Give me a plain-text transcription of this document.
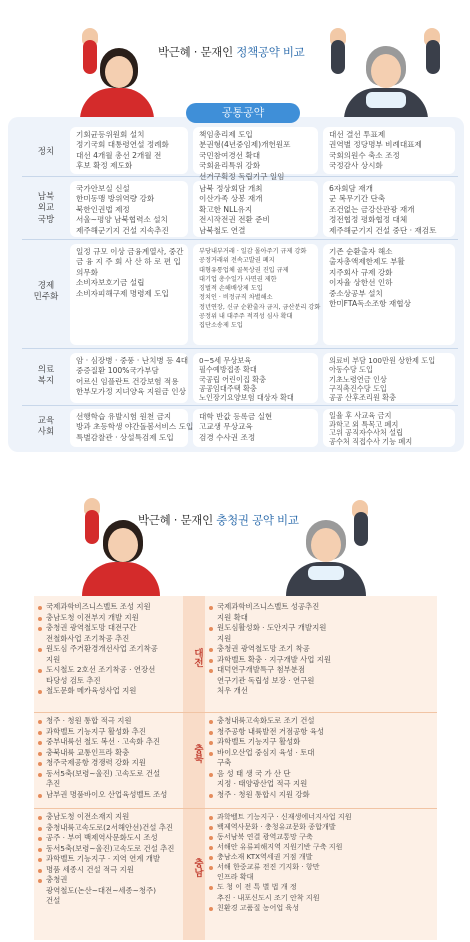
박근혜 · 문재인 정책공약 비교
공통공약
정치
기회균등위원회 설치
정기국회 대통령연설 정례화
대선 4개월 총선 2개월 전
후보 확정 제도화
책임총리제 도입
분권형(4년중임제)개헌원포
국민참여경선 확대
국회윤리특위 강화
선거구획정 독립기구 일임
대선 결선 투표제
권역별 정당명부 비례대표제
국회의원수 축소 조정
국정감사 상시화
남북
외교
국방
국가안보실 신설
한미동맹 방위역량 강화
북한인권법 제정
서울~평양 남북협력소 설치
제주해군기지 건설 지속추진
남북 정상회담 개최
이산가족 상봉 재개
확고한 NLL유지
전시작전권 전환 준비
남북철도 연결
6자회담 재개
군 복무기간 단축
조건없는 금강산관광 재개
정전협정 평화협정 대체
제주해군기지 건설 중단 · 재검토
경제
민주화
일정 규모 이상 금융계열사, 중간
금 융 지 주 회 사 산 하 로 편 입
의무화
소비자보호기금 설립
소비자피해구제 명령제 도입
부당내부거래 · 일감 몰아주기 규제 강화
공정거래위 전속고발권 폐지
대형유통업체 골목상권 진입 규제
대기업 총수일가 사면권 제한
징벌적 손해배상제 도입
정치인 · 비정규직 차별해소
정년연장, 신규 순환출자 금지, 금산분리 강화
공정위 내 대주주 적격성 심사 확대
집단소송제 도입
기존 순환출자 해소
출자총액제한제도 부활
지주회사 규제 강화
이자율 상한선 인하
중소상공부 설치
한미FTA독소조항 재협상
의료
복지
암 · 심장병 · 중풍 · 난치병 등 4대
중증질환 100%국가부담
어르신 임플란트 건강보험 적용
한부모가정 지녀양육 지원금 인상
0~5세 무상보육
필수예방접종 확대
국공립 어린이집 확충
공공임대주택 확충
노인장기요양보험 대상자 확대
의료비 부담 100만원 상한제 도입
아동수당 도입
기초노령연금 인상
구직촉진수당 도입
공공 산후조리원 확충
교육
사회
선행학습 유발시험 원천 금지
방과 초등학생 야간돌봄서비스 도입
특별감찰관 · 상설특검제 도입
대학 반값 등록금 실현
고교생 무상교육
검경 수사권 조정
일율 후 사교육 금지
과학고 외 특목고 폐지
고위 공직자수사처 설립
공수처 직접수사 기능 폐지
박근혜 · 문재인 충청권 공약 비교
대전
충북
충남
국제과학비즈니스벨트 조성 지원
충남도청 이전부지 개발 지원
충청권 광역철도망 대전구간
전철화사업 조기착공 추진
원도심 주거환경개선사업 조기착공
지원
도시철도 2호선 조기착공 · 연장선
타당성 검토 추진
철도문화 메카육성사업 지원
국제과학비즈니스벨트 성공추진
지원 확대
원도심활성화 · 도안지구 개발지원
지원
충청권 광역철도망 조기 착공
과학벨트 확충 · 지구개발 사업 지원
대덕연구개발특구 첨부분점
연구기관 독립성 보장 · 연구원
처우 개선
청주 · 청원 통합 적극 지원
과학벨트 기능지구 활성화 추진
중부내륙선 철도 복선 · 고속화 추진
충북내륙 교통인프라 확충
청주국제공항 경쟁력 강화 지원
동서5축(보령~울진) 고속도로 건설
추진
남부권 명품바이오 산업육성벨트 조성
충청내륙고속화도로 조기 건설
청주공항 내륙발전 거점공항 육성
과학벨트 기능지구 활성화
바이오산업 중심지 육성 · 토대
구축
음 성 태 생 국 가 산 단
지정 · 태양광산업 적극 지원
청주 · 청원 통합시 지원 강화
충남도청 이전소재지 지원
충청내륙고속도로(2서해안선)건설 추진
공주 · 부여 백제역사문화도시 조성
동서5축(보령~울진)고속도로 건설 추진
과학벨트 기능지구 · 지역 연계 개발
명품 세종시 건설 적극 지원
충청권
광역철도(논산~대전~세종~청주)
건설
과학벨트 기능지구 · 신재생에너지사업 지원
백제역사문화 · 충청유교문화 종합개발
동서남북 연결 광역교통망 구축
서해안 유류피해지역 지원기반 구축 지원
충남소재 KTX역세권 거점 개발
서해 한중교류 전진 기지화 · 항만
인프라 확대
도 청 이 전 특 별 법 개 정
추진 · 내포신도시 조기 안착 지원
친환경 고품질 농어업 육성
